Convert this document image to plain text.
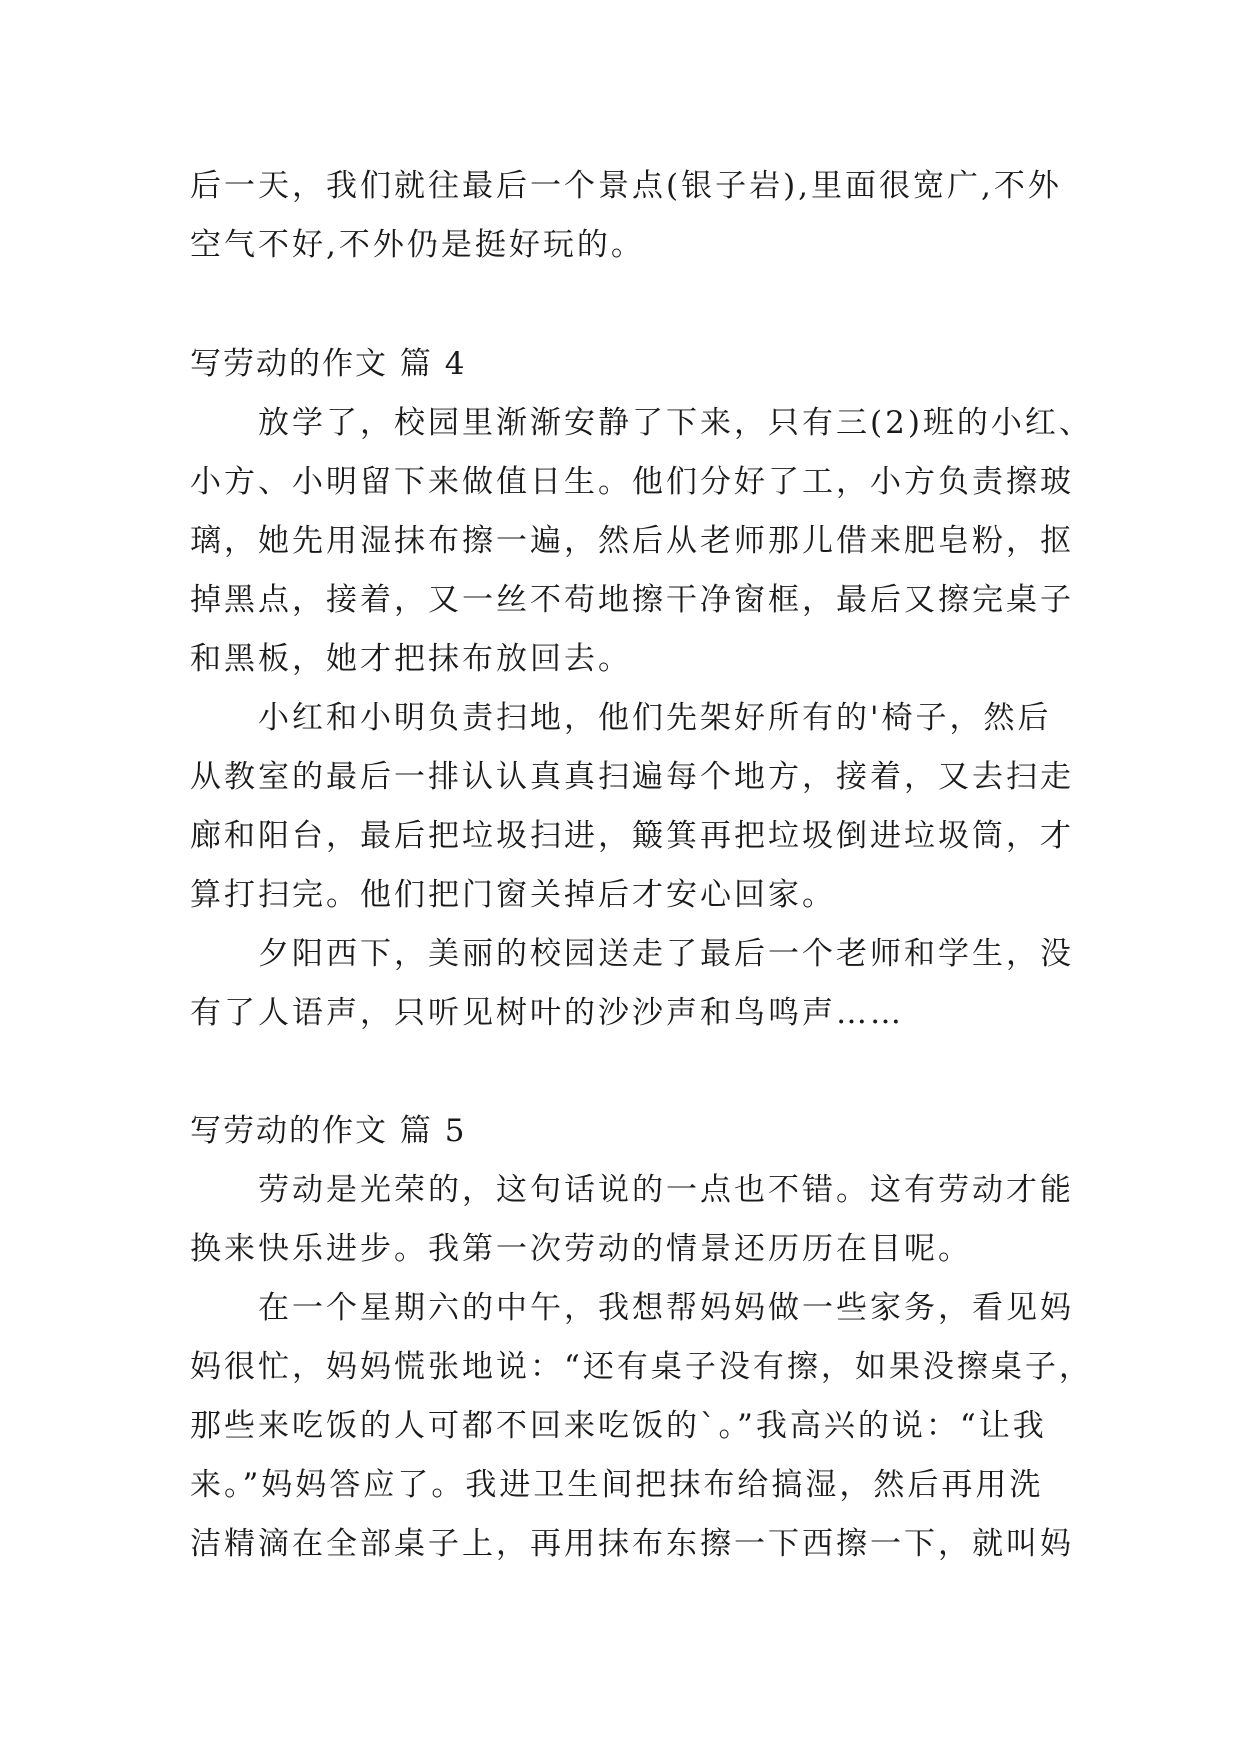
后一天，我们就往最后一个景点(银子岩),里面很宽广,不外
空气不好,不外仍是挺好玩的。
写劳动的作文 篇 4
放学了，校园里渐渐安静了下来，只有三(2)班的小红、
小方、小明留下来做值日生。他们分好了工，小方负责擦玻
璃，她先用湿抹布擦一遍，然后从老师那儿借来肥皂粉，抠
掉黑点，接着，又一丝不苟地擦干净窗框，最后又擦完桌子
和黑板，她才把抹布放回去。
小红和小明负责扫地，他们先架好所有的'椅子，然后
从教室的最后一排认认真真扫遍每个地方，接着，又去扫走
廊和阳台，最后把垃圾扫进，簸箕再把垃圾倒进垃圾筒，才
算打扫完。他们把门窗关掉后才安心回家。
夕阳西下，美丽的校园送走了最后一个老师和学生，没
有了人语声，只听见树叶的沙沙声和鸟鸣声……
写劳动的作文 篇 5
劳动是光荣的，这句话说的一点也不错。这有劳动才能
换来快乐进步。我第一次劳动的情景还历历在目呢。
在一个星期六的中午，我想帮妈妈做一些家务，看见妈
妈很忙，妈妈慌张地说：“还有桌子没有擦，如果没擦桌子，
那些来吃饭的人可都不回来吃饭的`。”我高兴的说：“让我
来。”妈妈答应了。我进卫生间把抹布给搞湿，然后再用洗
洁精滴在全部桌子上，再用抹布东擦一下西擦一下，就叫妈
